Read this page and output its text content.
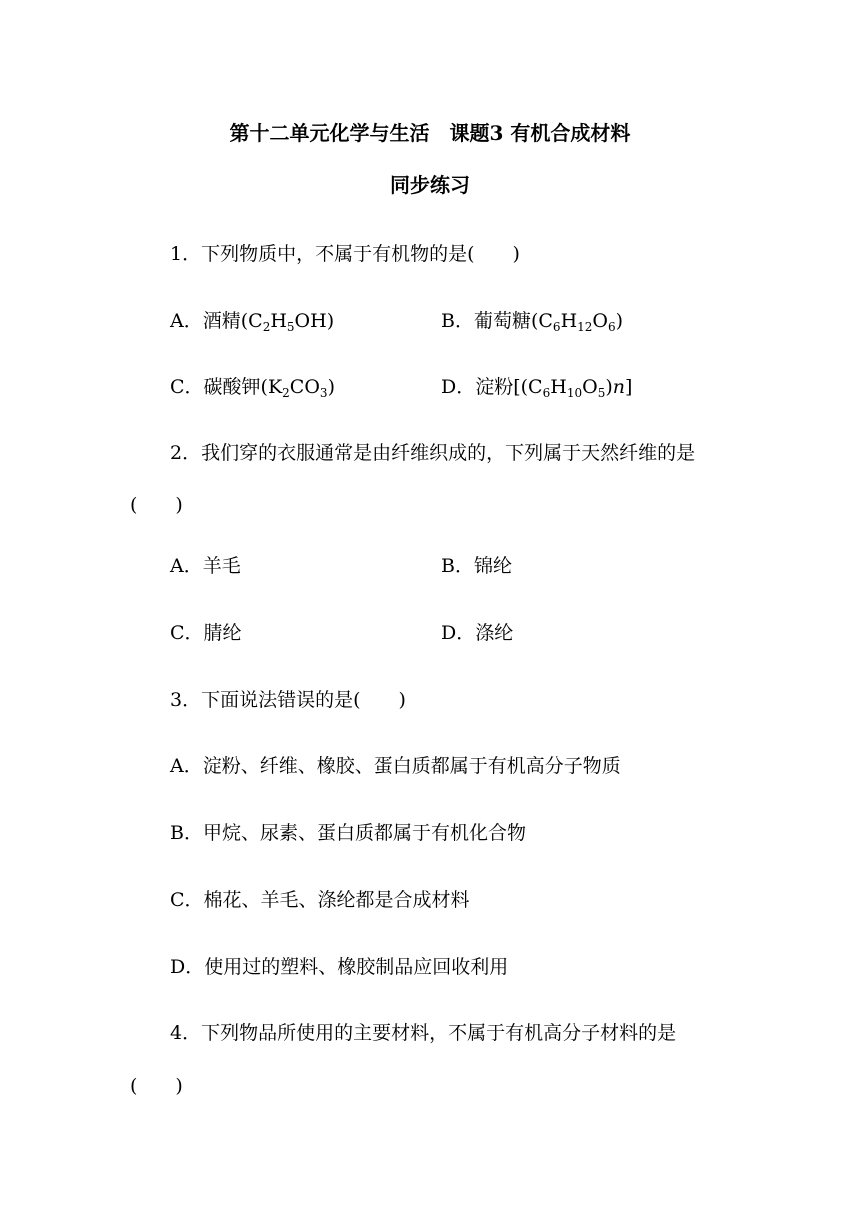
第十二单元化学与生活　课题3 有机合成材料
同步练习
1．下列物质中，不属于有机物的是(　　)
A．酒精$(C_2H_5OH)$	B．葡萄糖$(C_6H_{12}O_6)$
C．碳酸钾$(K_2CO_3)$	D．淀粉$[(C_6H_{10}O_5)n]$
2．我们穿的衣服通常是由纤维织成的，下列属于天然纤维的是
(　　)
A．羊毛	B．锦纶
C．腈纶	D．涤纶
3．下面说法错误的是(　　)
A．淀粉、纤维、橡胶、蛋白质都属于有机高分子物质
B．甲烷、尿素、蛋白质都属于有机化合物
C．棉花、羊毛、涤纶都是合成材料
D．使用过的塑料、橡胶制品应回收利用
4．下列物品所使用的主要材料，不属于有机高分子材料的是
(　　)
